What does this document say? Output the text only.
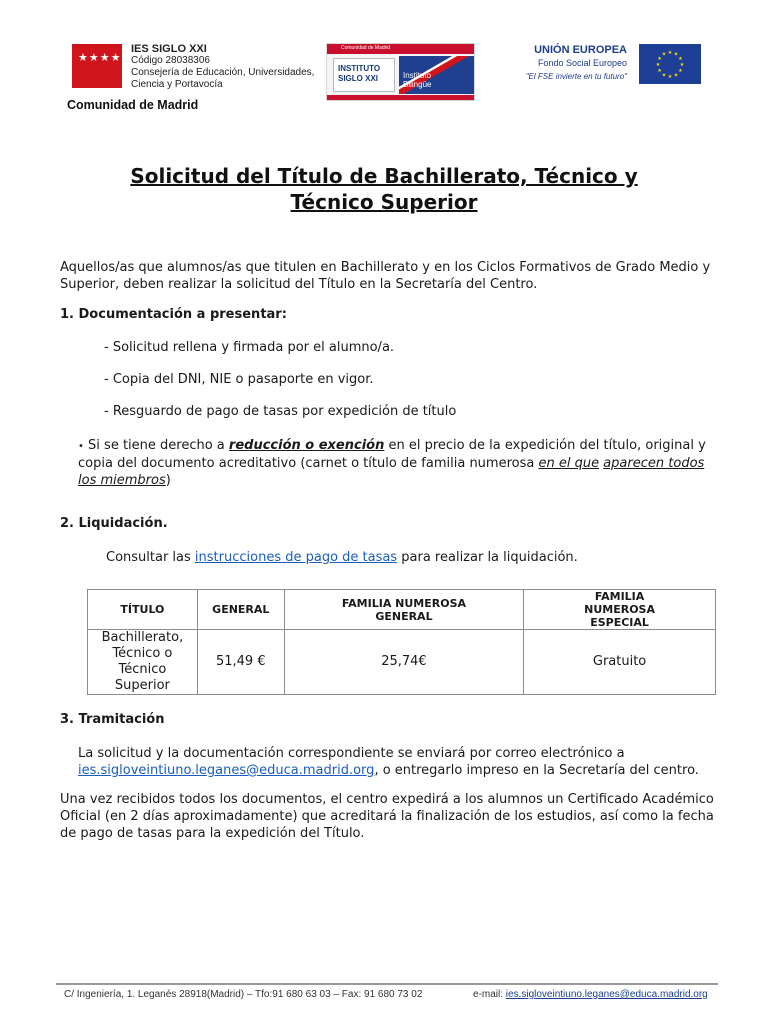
★★★★★★★
IES SIGLO XXI
Código 28038306
Consejería de Educación, Universidades,
Ciencia y Portavocía
Comunidad de Madrid
Comunidad de Madrid
INSTITUTO
SIGLO XXI	Instituto
Bilingüe
UNIÓN EUROPEA
Fondo Social Europeo
"El FSE invierte en tu futuro"
★ ★
★
★
★
★
★
★
★
★
★
★
Solicitud del Título de Bachillerato, Técnico y
Técnico Superior
Aquellos/as que alumnos/as que titulen en Bachillerato y en los Ciclos Formativos de Grado Medio y
Superior, deben realizar la solicitud del Título en la Secretaría del Centro.
1. Documentación a presentar:
- Solicitud rellena y firmada por el alumno/a.
- Copia del DNI, NIE o pasaporte en vigor.
- Resguardo de pago de tasas por expedición de título
• Si se tiene derecho a reducción o exención en el precio de la expedición del título, original y
copia del documento acreditativo (carnet o título de familia numerosa en el que aparecen todos
los miembros)
2. Liquidación.
Consultar las instrucciones de pago de tasas para realizar la liquidación.
TÍTULO	GENERAL	FAMILIA NUMEROSA GENERAL	FAMILIA NUMEROSA ESPECIAL
Bachillerato, Técnico o Técnico Superior	51,49 €	25,74€	Gratuito
3. Tramitación
La solicitud y la documentación correspondiente se enviará por correo electrónico a
ies.sigloveintiuno.leganes@educa.madrid.org, o entregarlo impreso en la Secretaría del centro.
Una vez recibidos todos los documentos, el centro expedirá a los alumnos un Certificado Académico
Oficial (en 2 días aproximadamente) que acreditará la finalización de los estudios, así como la fecha
de pago de tasas para la expedición del Título.
C/ Ingeniería, 1. Leganés 28918(Madrid) – Tfo:91 680 63 03 – Fax: 91 680 73 02	e-mail: ies.sigloveintiuno.leganes@educa.madrid.org
